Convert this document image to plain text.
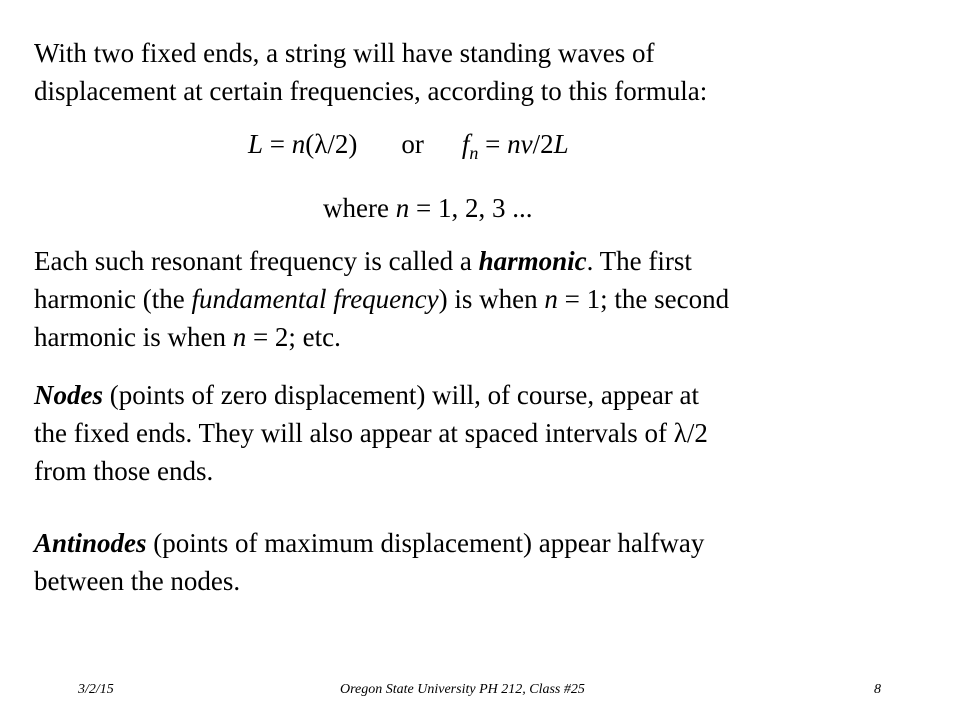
With two fixed ends, a string will have standing waves of
displacement at certain frequencies, according to this formula:

L = n(λ/2) or $f_n = nv/2L$

where n = 1, 2, 3 ...

Each such resonant frequency is called a harmonic. The first
harmonic (the fundamental frequency) is when n = 1; the second
harmonic is when n = 2; etc.

Nodes (points of zero displacement) will, of course, appear at
the fixed ends. They will also appear at spaced intervals of λ/2
from those ends.

Antinodes (points of maximum displacement) appear halfway
between the nodes.

3/2/15	Oregon State University PH 212, Class #25	8
